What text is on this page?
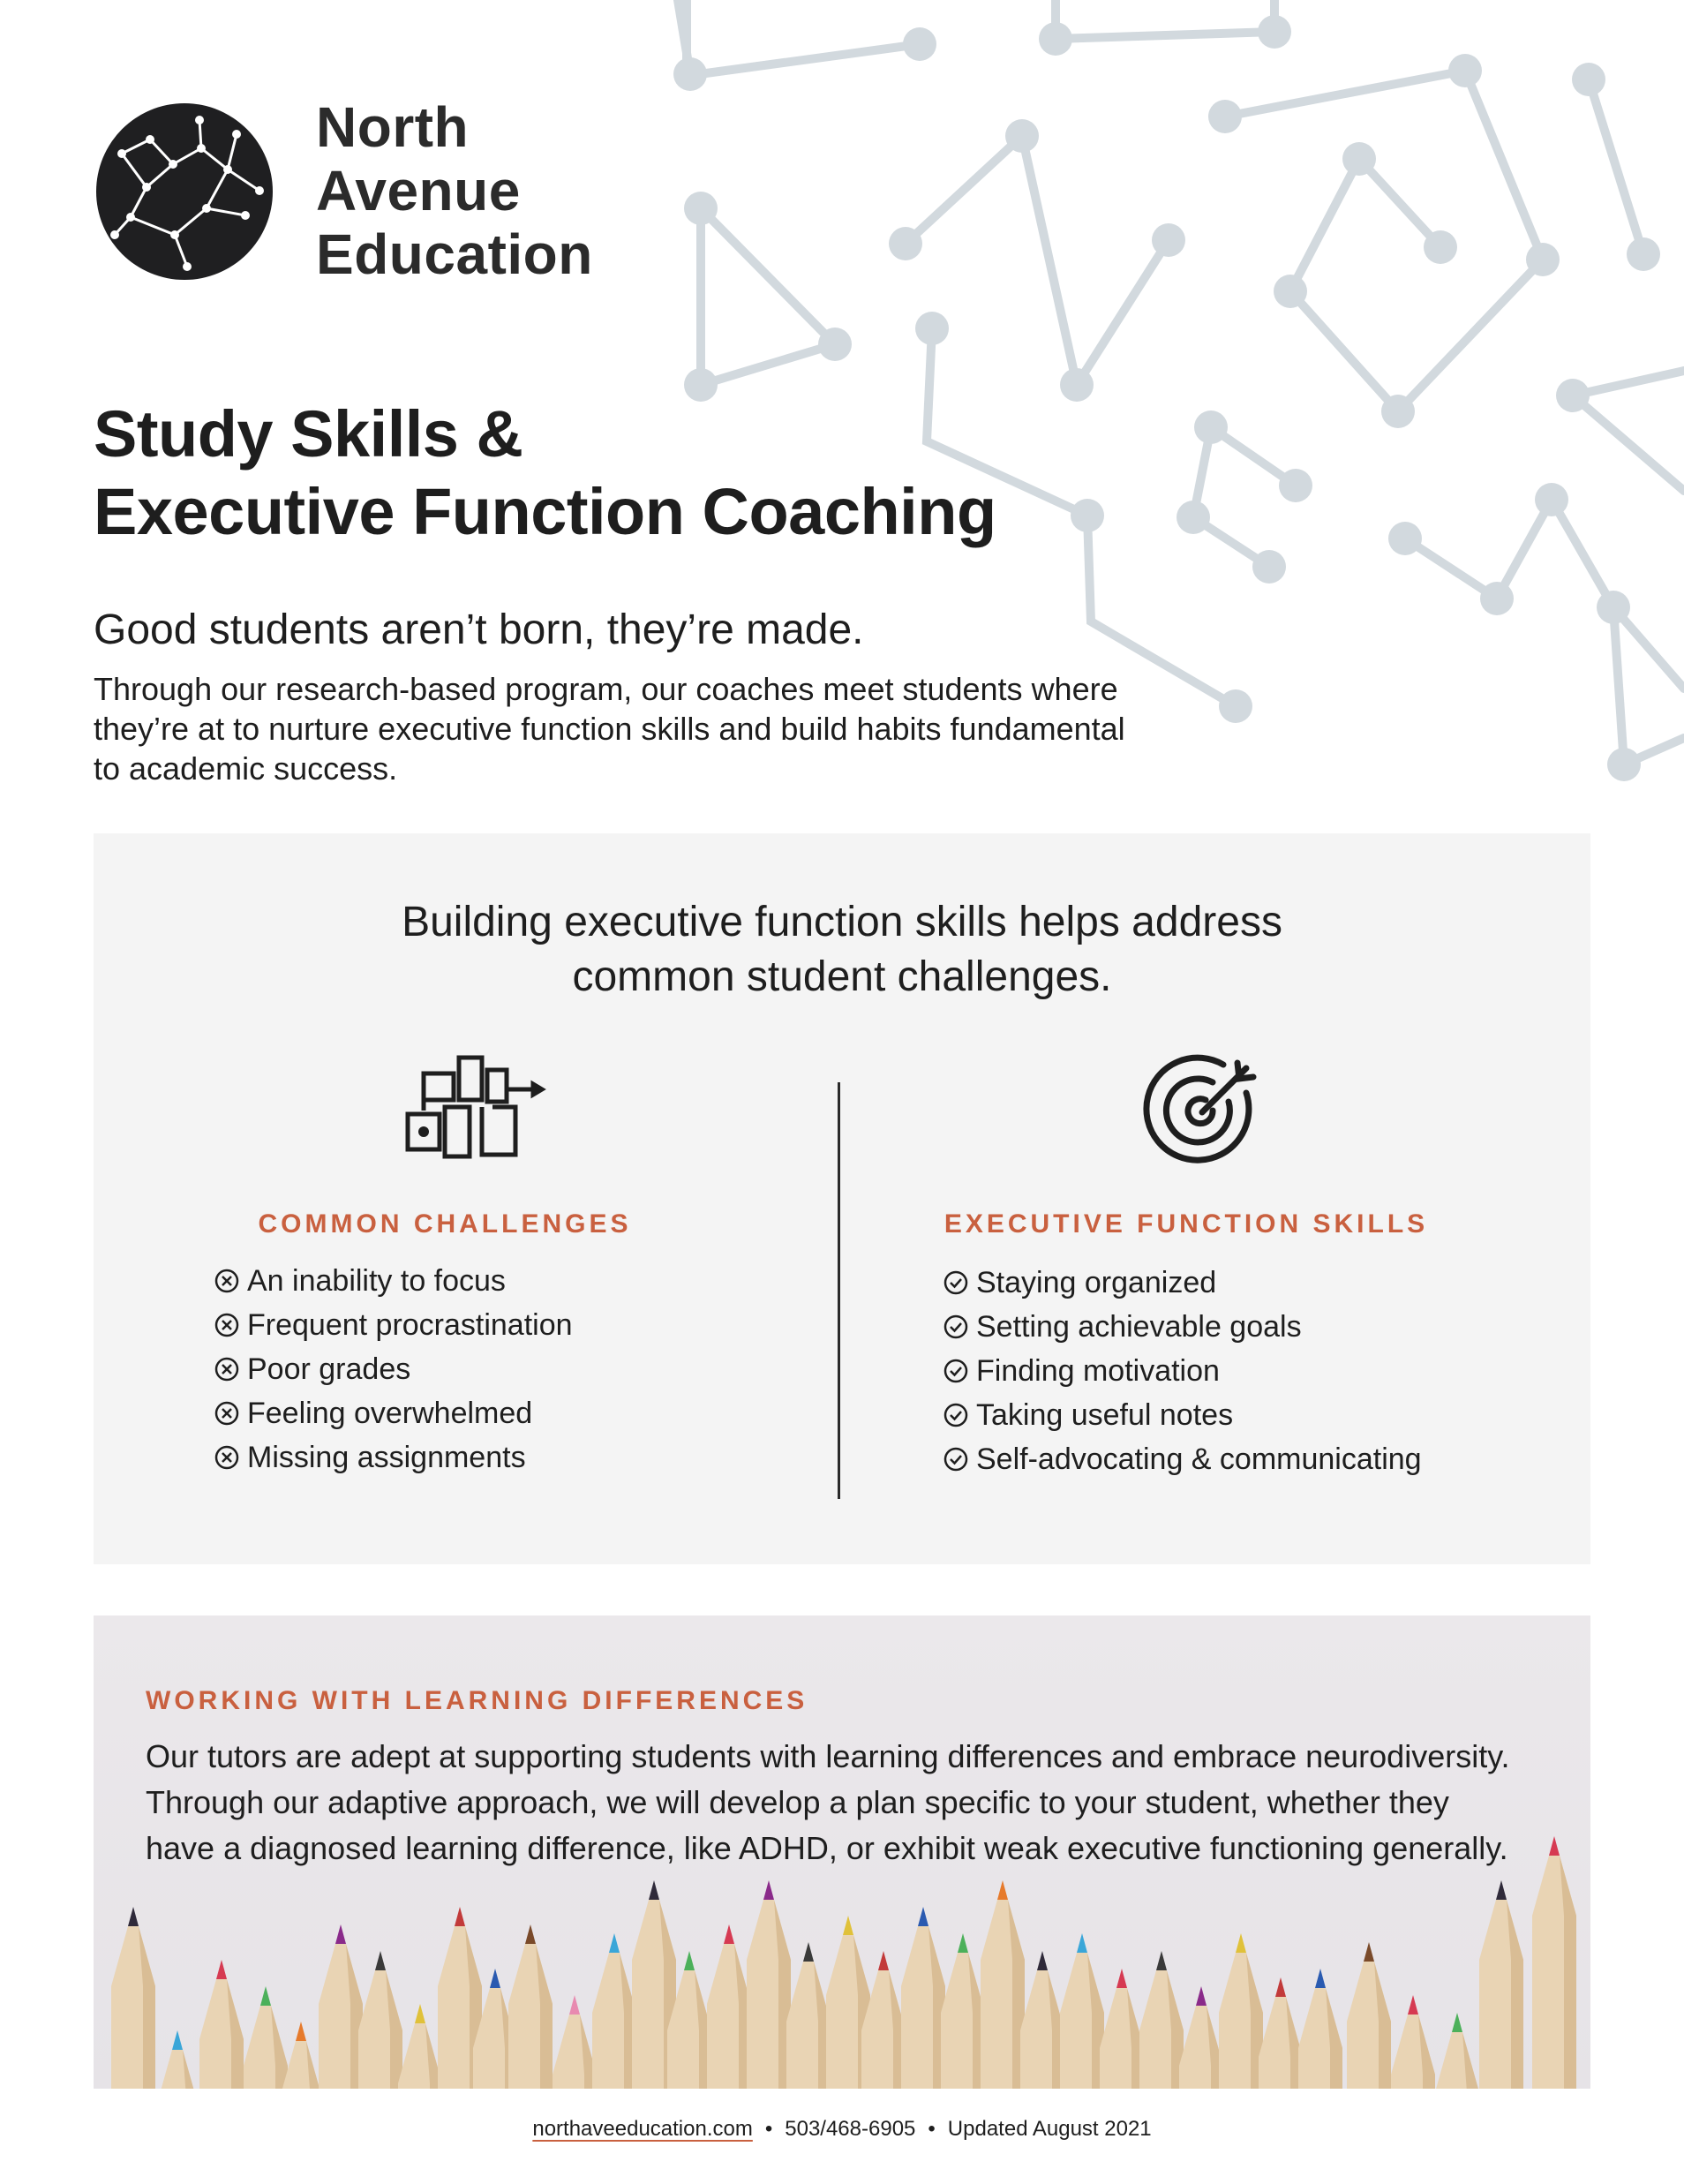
North
Avenue
Education
Study Skills &
Executive Function Coaching
Good students aren’t born, they’re made.
Through our research-based program, our coaches meet students where they’re at to nurture executive function skills and build habits fundamental to academic success.
Building executive function skills helps address
common student challenges.
COMMON CHALLENGES	EXECUTIVE FUNCTION SKILLS
An inability to focus
Frequent procrastination
Poor grades
Feeling overwhelmed
Missing assignments
Staying organized
Setting achievable goals
Finding motivation
Taking useful notes
Self-advocating & communicating
WORKING WITH LEARNING DIFFERENCES
Our tutors are adept at supporting students with learning differences and embrace neurodiversity. Through our adaptive approach, we will develop a plan specific to your student, whether they have a diagnosed learning difference, like ADHD, or exhibit weak executive functioning generally.
northaveeducation.com • 503/468-6905 • Updated August 2021
